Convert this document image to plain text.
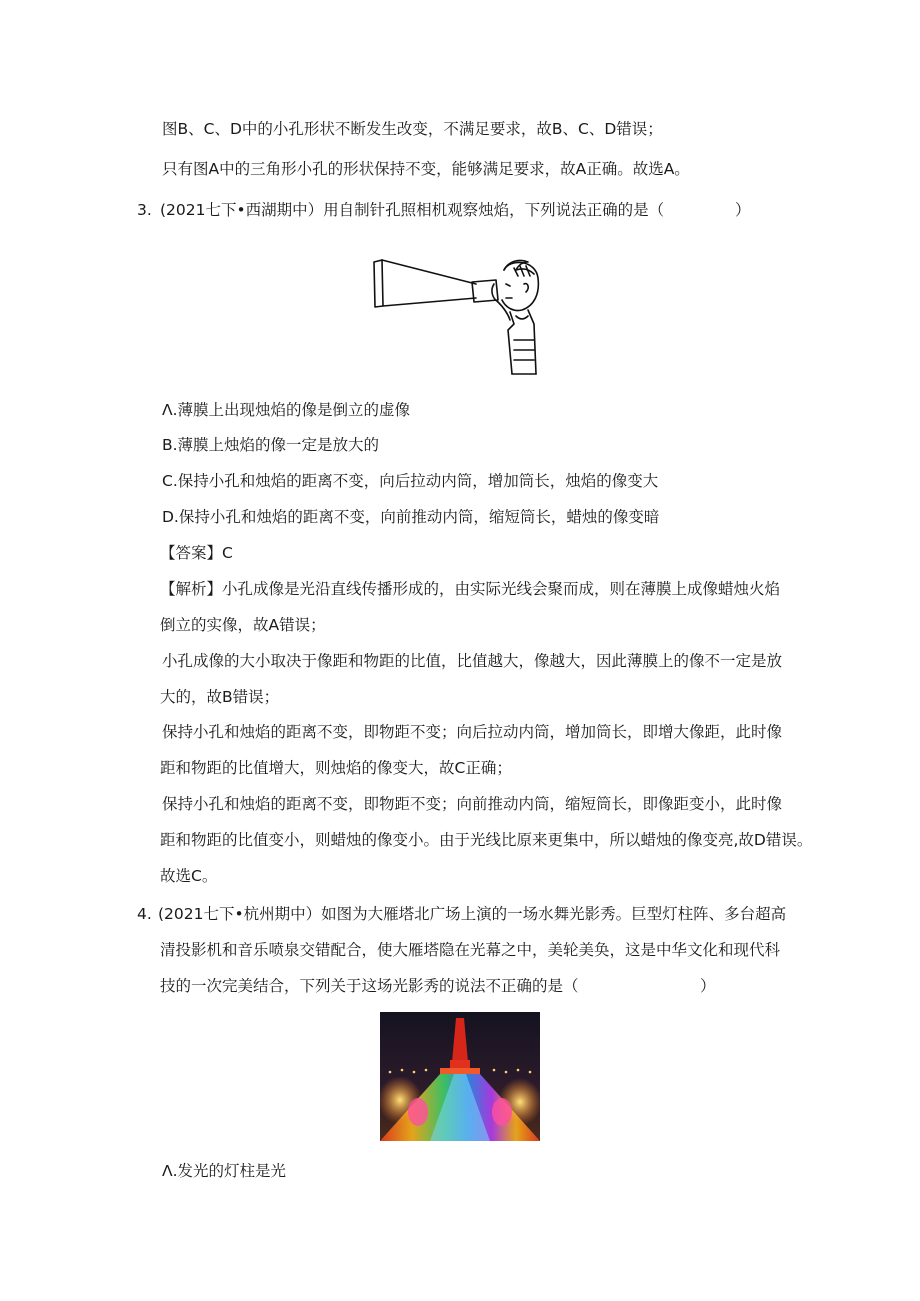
图B、C、D中的小孔形状不断发生改变，不满足要求，故B、C、D错误；
只有图A中的三角形小孔的形状保持不变，能够满足要求，故A正确。故选A。
3. (2021七下•西湖期中）用自制针孔照相机观察烛焰，下列说法正确的是（	）
Λ.薄膜上出现烛焰的像是倒立的虚像
B.薄膜上烛焰的像一定是放大的
C.保持小孔和烛焰的距离不变，向后拉动内筒，增加筒长，烛焰的像变大
D.保持小孔和烛焰的距离不变，向前推动内筒，缩短筒长，蜡烛的像变暗
【答案】C
【解析】小孔成像是光沿直线传播形成的，由实际光线会聚而成，则在薄膜上成像蜡烛火焰
倒立的实像，故A错误；
小孔成像的大小取决于像距和物距的比值，比值越大，像越大，因此薄膜上的像不一定是放
大的，故B错误；
保持小孔和烛焰的距离不变，即物距不变；向后拉动内筒，增加筒长，即增大像距，此时像
距和物距的比值增大，则烛焰的像变大，故C正确；
保持小孔和烛焰的距离不变，即物距不变；向前推动内筒，缩短筒长，即像距变小，此时像
距和物距的比值变小，则蜡烛的像变小。由于光线比原来更集中，所以蜡烛的像变亮,故D错误。
故选C。
4. (2021七下•杭州期中）如图为大雁塔北广场上演的一场水舞光影秀。巨型灯柱阵、多台超高
清投影机和音乐喷泉交错配合，使大雁塔隐在光幕之中，美轮美奂，这是中华文化和现代科
技的一次完美结合，下列关于这场光影秀的说法不正确的是（	）
Λ.发光的灯柱是光
